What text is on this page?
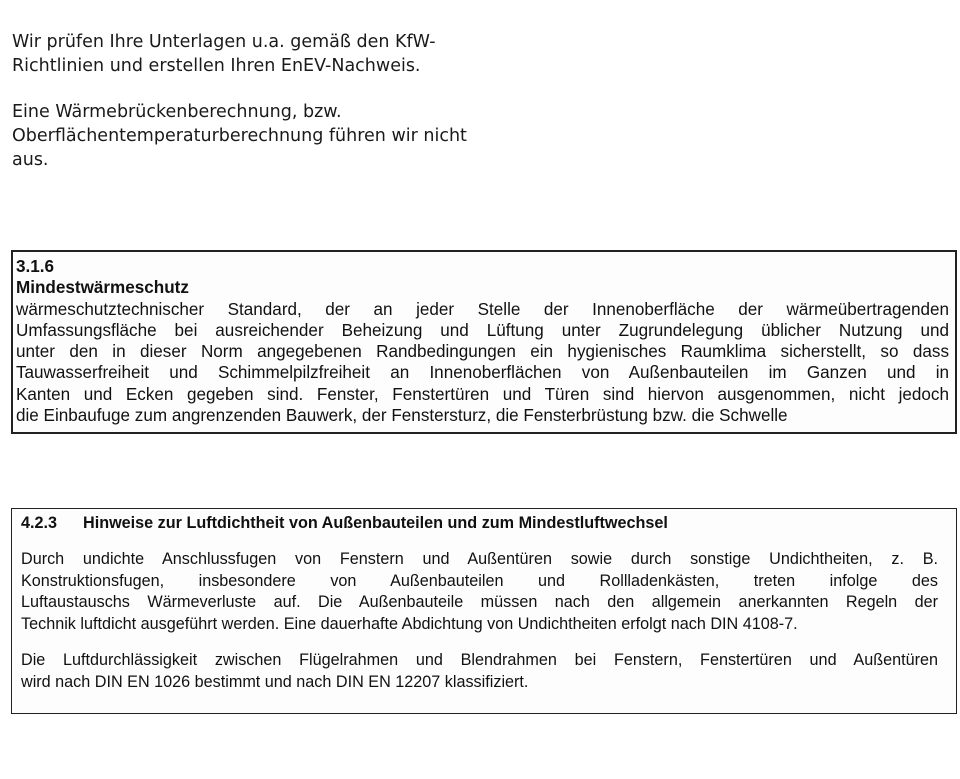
Wir prüfen Ihre Unterlagen u.a. gemäß den KfW-
Richtlinien und erstellen Ihren EnEV-Nachweis.

Eine Wärmebrückenberechnung, bzw.
Oberflächentemperaturberechnung führen wir nicht
aus.

3.1.6

Mindestwärmeschutz

wärmeschutztechnischer Standard, der an jeder Stelle der Innenoberfläche der wärmeübertragenden
Umfassungsfläche bei ausreichender Beheizung und Lüftung unter Zugrundelegung üblicher Nutzung und
unter den in dieser Norm angegebenen Randbedingungen ein hygienisches Raumklima sicherstellt, so dass
Tauwasserfreiheit und Schimmelpilzfreiheit an Innenoberflächen von Außenbauteilen im Ganzen und in
Kanten und Ecken gegeben sind. Fenster, Fenstertüren und Türen sind hiervon ausgenommen, nicht jedoch
die Einbaufuge zum angrenzenden Bauwerk, der Fenstersturz, die Fensterbrüstung bzw. die Schwelle

4.2.3 Hinweise zur Luftdichtheit von Außenbauteilen und zum Mindestluftwechsel

Durch undichte Anschlussfugen von Fenstern und Außentüren sowie durch sonstige Undichtheiten, z. B.
Konstruktionsfugen, insbesondere von Außenbauteilen und Rollladenkästen, treten infolge des
Luftaustauschs Wärmeverluste auf. Die Außenbauteile müssen nach den allgemein anerkannten Regeln der
Technik luftdicht ausgeführt werden. Eine dauerhafte Abdichtung von Undichtheiten erfolgt nach DIN 4108-7.
Die Luftdurchlässigkeit zwischen Flügelrahmen und Blendrahmen bei Fenstern, Fenstertüren und Außentüren
wird nach DIN EN 1026 bestimmt und nach DIN EN 12207 klassifiziert.
